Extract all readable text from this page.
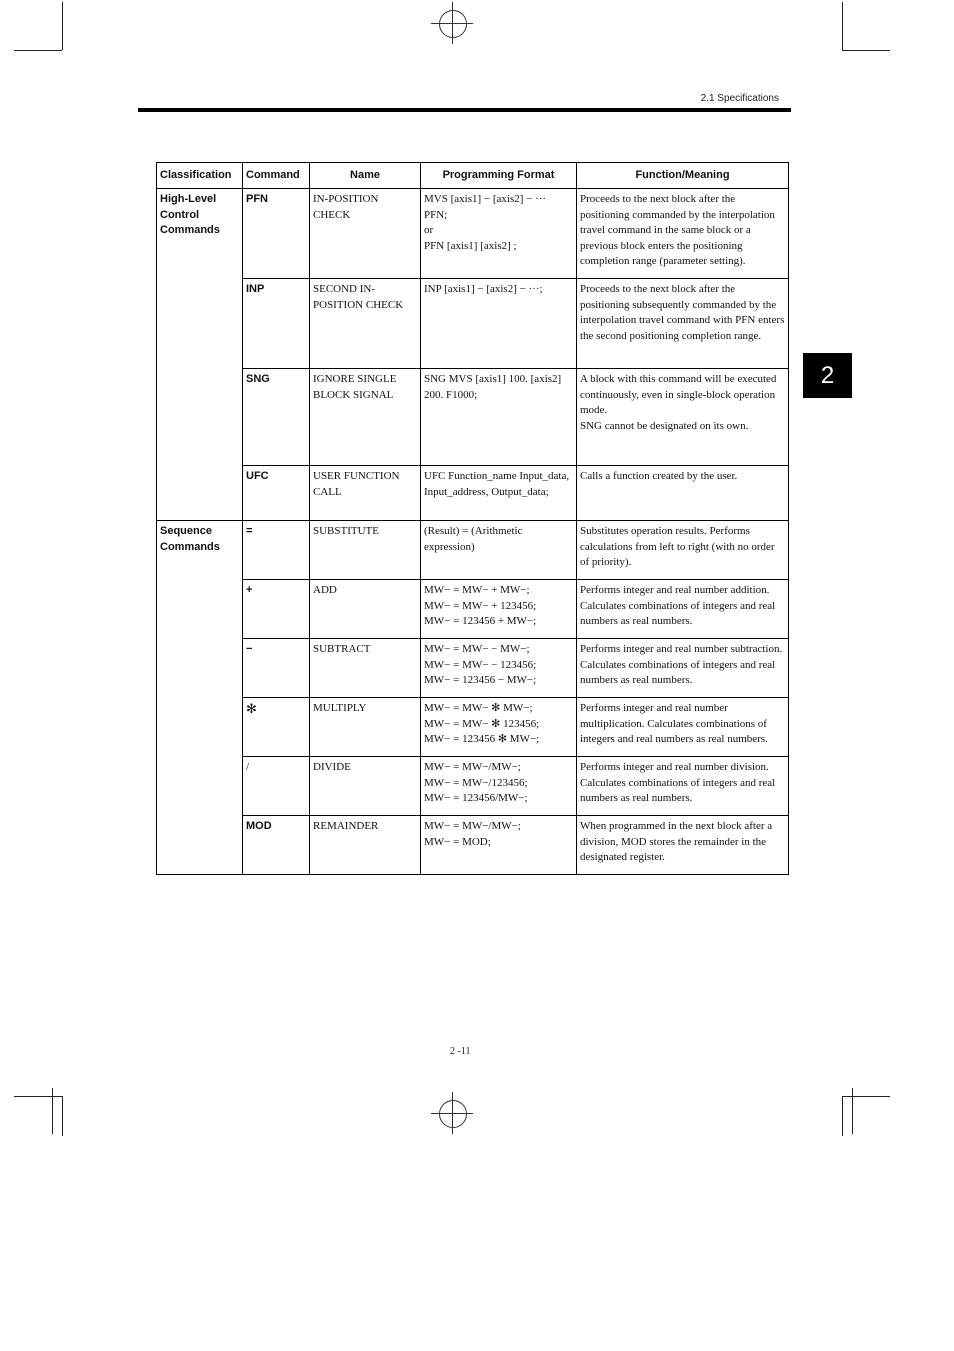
2.1 Specifications
2
Classification	Command	Name	Programming Format	Function/Meaning
High-Level Control Commands	PFN	IN-POSITION CHECK	MVS [axis1] − [axis2] − ···
PFN;
or
PFN [axis1] [axis2] ;	Proceeds to the next block after the positioning commanded by the interpolation travel command in the same block or a previous block enters the positioning completion range (parameter setting).
	INP	SECOND IN-POSITION CHECK	INP [axis1] − [axis2] − ···;	Proceeds to the next block after the positioning subsequently commanded by the interpolation travel command with PFN enters the second positioning completion range.
	SNG	IGNORE SINGLE BLOCK SIGNAL	SNG MVS [axis1] 100. [axis2] 200. F1000;	A block with this command will be executed continuously, even in single-block operation mode.
SNG cannot be designated on its own.
	UFC	USER FUNCTION CALL	UFC Function_name Input_data, Input_address, Output_data;	Calls a function created by the user.
Sequence Commands	=	SUBSTITUTE	(Result) = (Arithmetic expression)	Substitutes operation results. Performs calculations from left to right (with no order of priority).
	+	ADD	MW− = MW− + MW−;
MW− = MW− + 123456;
MW− = 123456 + MW−;	Performs integer and real number addition. Calculates combinations of integers and real numbers as real numbers.
	−	SUBTRACT	MW− = MW− − MW−;
MW− = MW− − 123456;
MW− = 123456 − MW−;	Performs integer and real number subtraction. Calculates combinations of integers and real numbers as real numbers.
	✻	MULTIPLY	MW− = MW− ✻ MW−;
MW− = MW− ✻ 123456;
MW− = 123456 ✻ MW−;	Performs integer and real number multiplication. Calculates combinations of integers and real numbers as real numbers.
	/	DIVIDE	MW− = MW−/MW−;
MW− = MW−/123456;
MW− = 123456/MW−;	Performs integer and real number division. Calculates combinations of integers and real numbers as real numbers.
	MOD	REMAINDER	MW− = MW−/MW−;
MW− = MOD;	When programmed in the next block after a division, MOD stores the remainder in the designated register.
2 -11
